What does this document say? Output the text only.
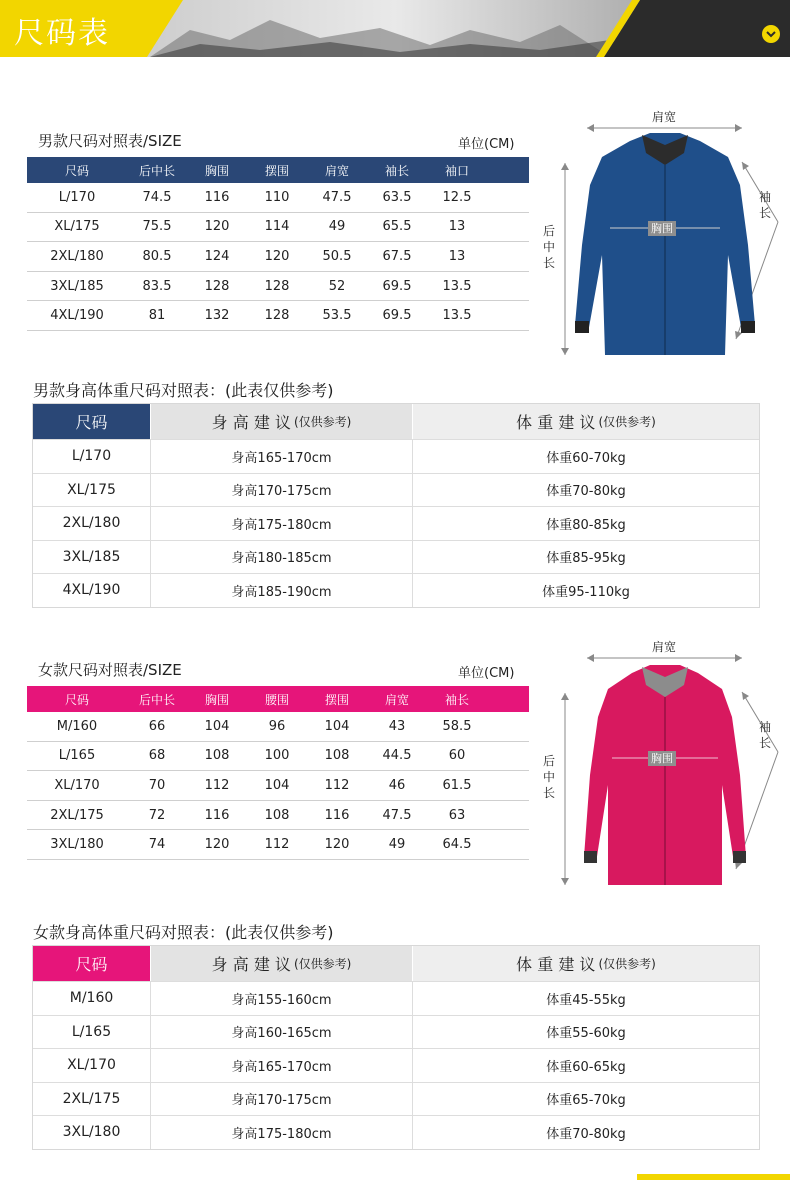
尺码表
男款尺码对照表/SIZE	单位(CM)
尺码	后中长	胸围	摆围	肩宽	袖长	袖口
L/170	74.5	116	110	47.5	63.5	12.5
XL/175	75.5	120	114	49	65.5	13
2XL/180	80.5	124	120	50.5	67.5	13
3XL/185	83.5	128	128	52	69.5	13.5
4XL/190	81	132	128	53.5	69.5	13.5
肩宽
后中长
胸围
袖长
男款身高体重尺码对照表：(此表仅供参考)
尺码	身 高 建 议 (仅供参考)	体 重 建 议 (仅供参考)
L/170	身高165-170cm	体重60-70kg
XL/175	身高170-175cm	体重70-80kg
2XL/180	身高175-180cm	体重80-85kg
3XL/185	身高180-185cm	体重85-95kg
4XL/190	身高185-190cm	体重95-110kg
女款尺码对照表/SIZE	单位(CM)
尺码	后中长	胸围	腰围	摆围	肩宽	袖长
M/160	66	104	96	104	43	58.5
L/165	68	108	100	108	44.5	60
XL/170	70	112	104	112	46	61.5
2XL/175	72	116	108	116	47.5	63
3XL/180	74	120	112	120	49	64.5
肩宽
后中长
胸围
袖长
女款身高体重尺码对照表：(此表仅供参考)
尺码	身 高 建 议 (仅供参考)	体 重 建 议 (仅供参考)
M/160	身高155-160cm	体重45-55kg
L/165	身高160-165cm	体重55-60kg
XL/170	身高165-170cm	体重60-65kg
2XL/175	身高170-175cm	体重65-70kg
3XL/180	身高175-180cm	体重70-80kg
